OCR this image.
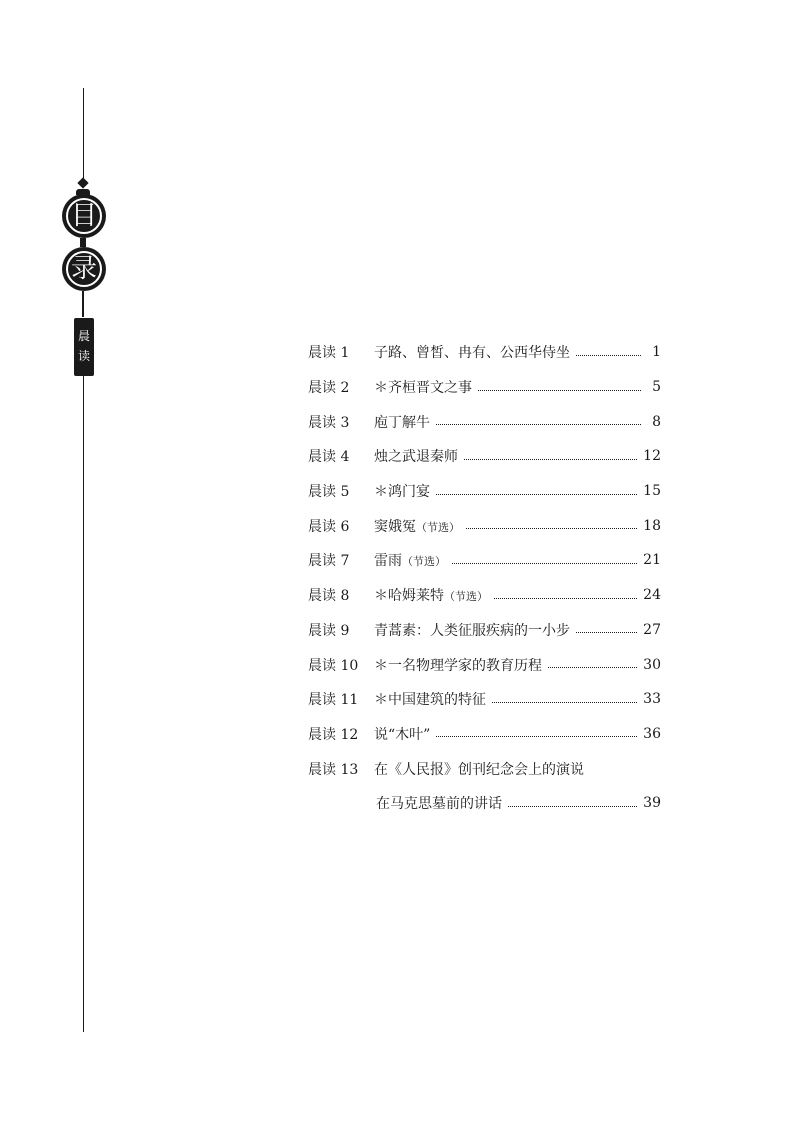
目
录
晨
读	晨读 1	子路、曾皙、冉有、公西华侍坐	1
晨读 2	＊齐桓晋文之事	5
晨读 3	庖丁解牛	8
晨读 4	烛之武退秦师	12
晨读 5	＊鸿门宴	15
晨读 6	窦娥冤（节选）	18
晨读 7	雷雨（节选）	21
晨读 8	＊哈姆莱特（节选）	24
晨读 9	青蒿素：人类征服疾病的一小步	27
晨读 10	＊一名物理学家的教育历程	30
晨读 11	＊中国建筑的特征	33
晨读 12	说“木叶”	36
晨读 13	在《人民报》创刊纪念会上的演说
在马克思墓前的讲话	39
